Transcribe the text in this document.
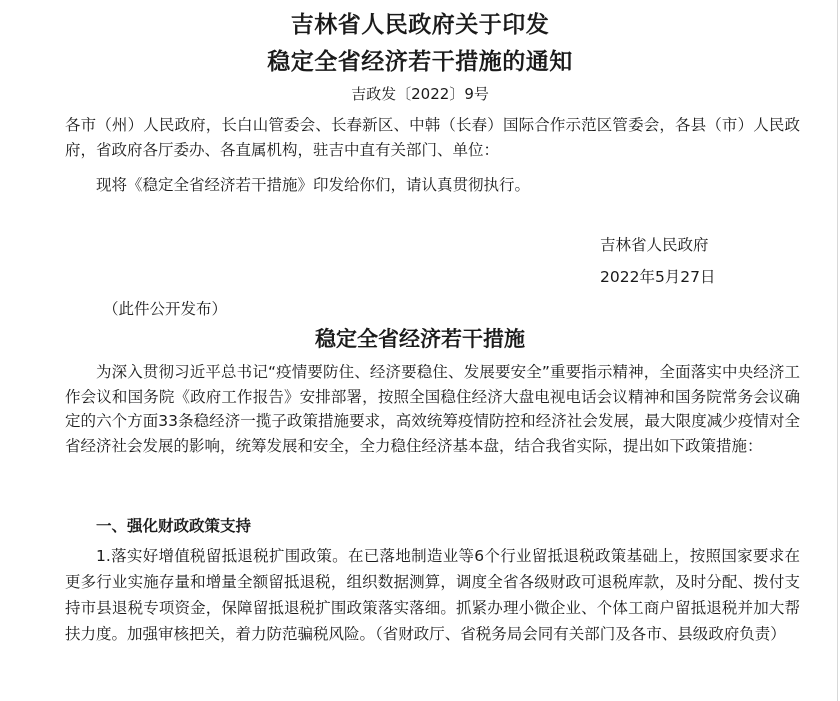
吉林省人民政府关于印发
稳定全省经济若干措施的通知
吉政发〔2022〕9号

各市（州）人民政府，长白山管委会、长春新区、中韩（长春）国际合作示范区管委会，各县（市）人民政府，省政府各厅委办、各直属机构，驻吉中直有关部门、单位：

现将《稳定全省经济若干措施》印发给你们，请认真贯彻执行。

吉林省人民政府
2022年5月27日
（此件公开发布）
稳定全省经济若干措施

为深入贯彻习近平总书记“疫情要防住、经济要稳住、发展要安全”重要指示精神，全面落实中央经济工作会议和国务院《政府工作报告》安排部署，按照全国稳住经济大盘电视电话会议精神和国务院常务会议确定的六个方面33条稳经济一揽子政策措施要求，高效统筹疫情防控和经济社会发展，最大限度减少疫情对全省经济社会发展的影响，统筹发展和安全，全力稳住经济基本盘，结合我省实际，提出如下政策措施：

一、强化财政政策支持

1.落实好增值税留抵退税扩围政策。在已落地制造业等6个行业留抵退税政策基础上，按照国家要求在更多行业实施存量和增量全额留抵退税，组织数据测算，调度全省各级财政可退税库款，及时分配、拨付支持市县退税专项资金，保障留抵退税扩围政策落实落细。抓紧办理小微企业、个体工商户留抵退税并加大帮扶力度。加强审核把关，着力防范骗税风险。（省财政厅、省税务局会同有关部门及各市、县级政府负责）
